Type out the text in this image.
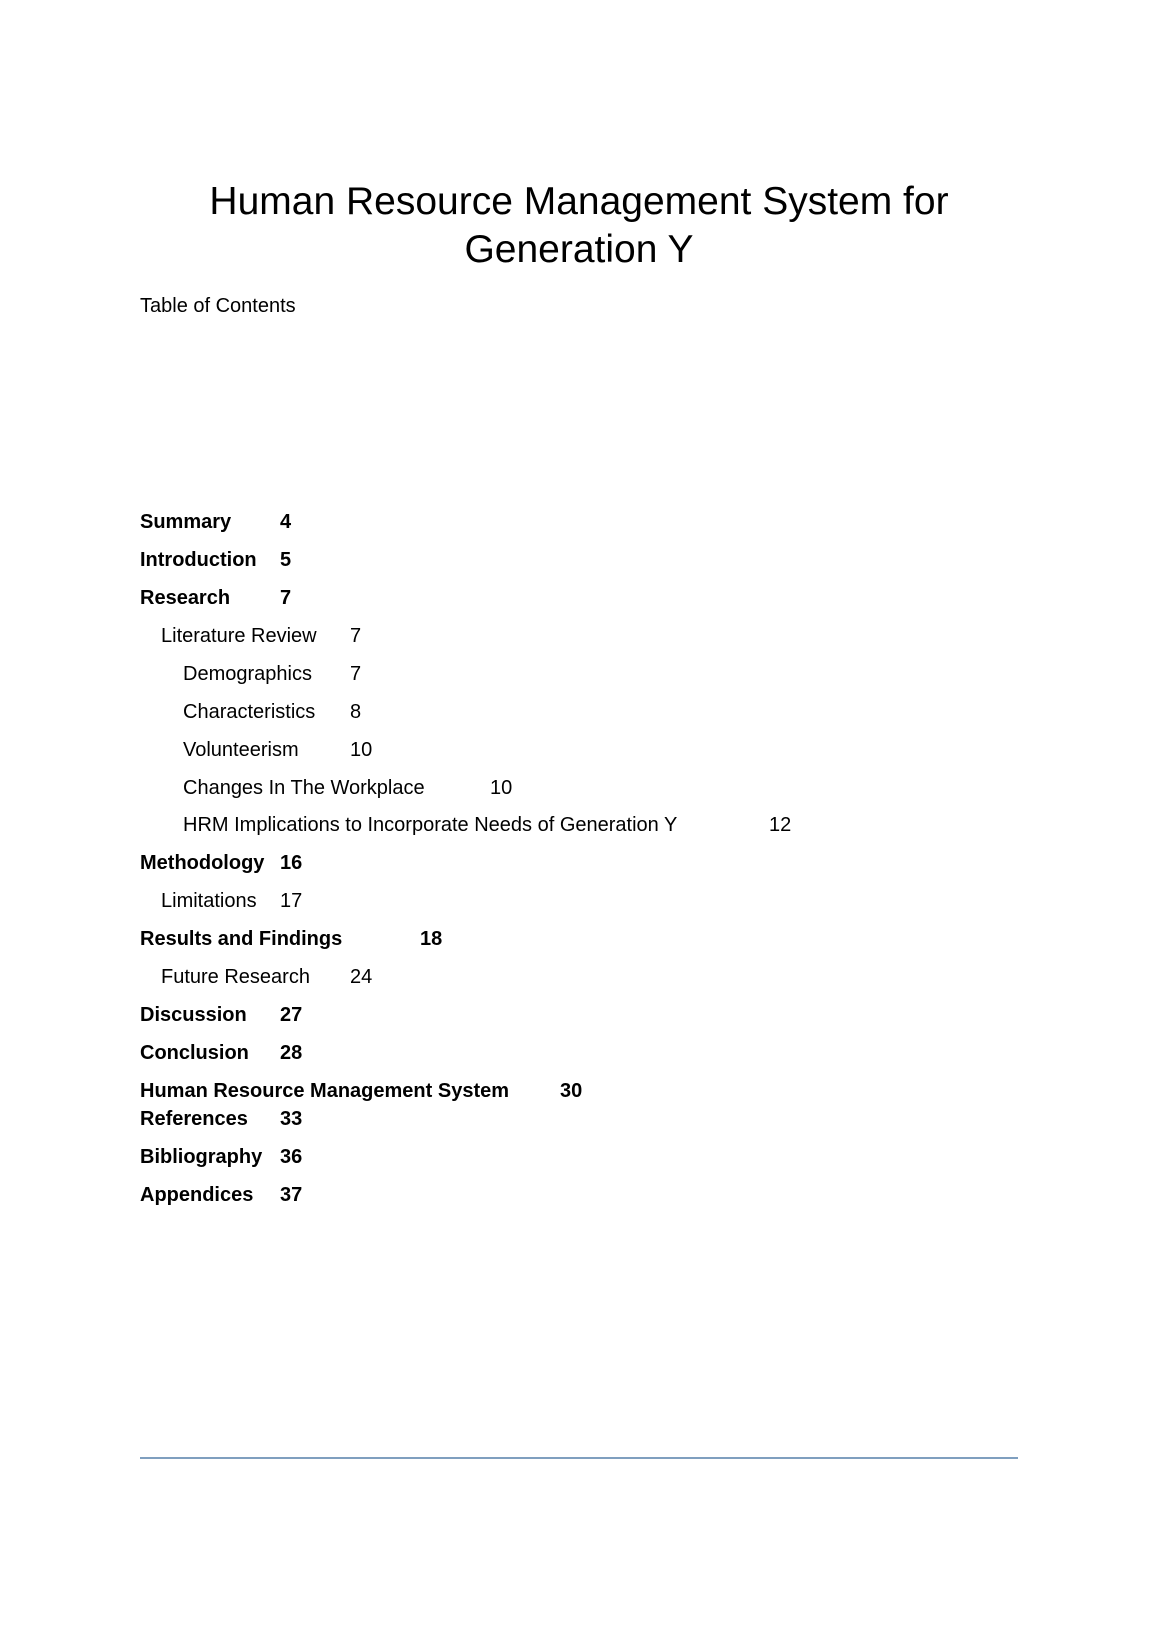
Human Resource Management System for
Generation Y
Table of Contents
Summary 4
Introduction 5
Research 7
Literature Review 7
Demographics 7
Characteristics 8
Volunteerism	10
Changes In The Workplace	10
HRM Implications to Incorporate Needs of Generation Y	12
Methodology 16
Limitations 17
Results and Findings	18
Future Research 24
Discussion 27
Conclusion 28
Human Resource Management System	30
References 33
Bibliography 36
Appendices 37
